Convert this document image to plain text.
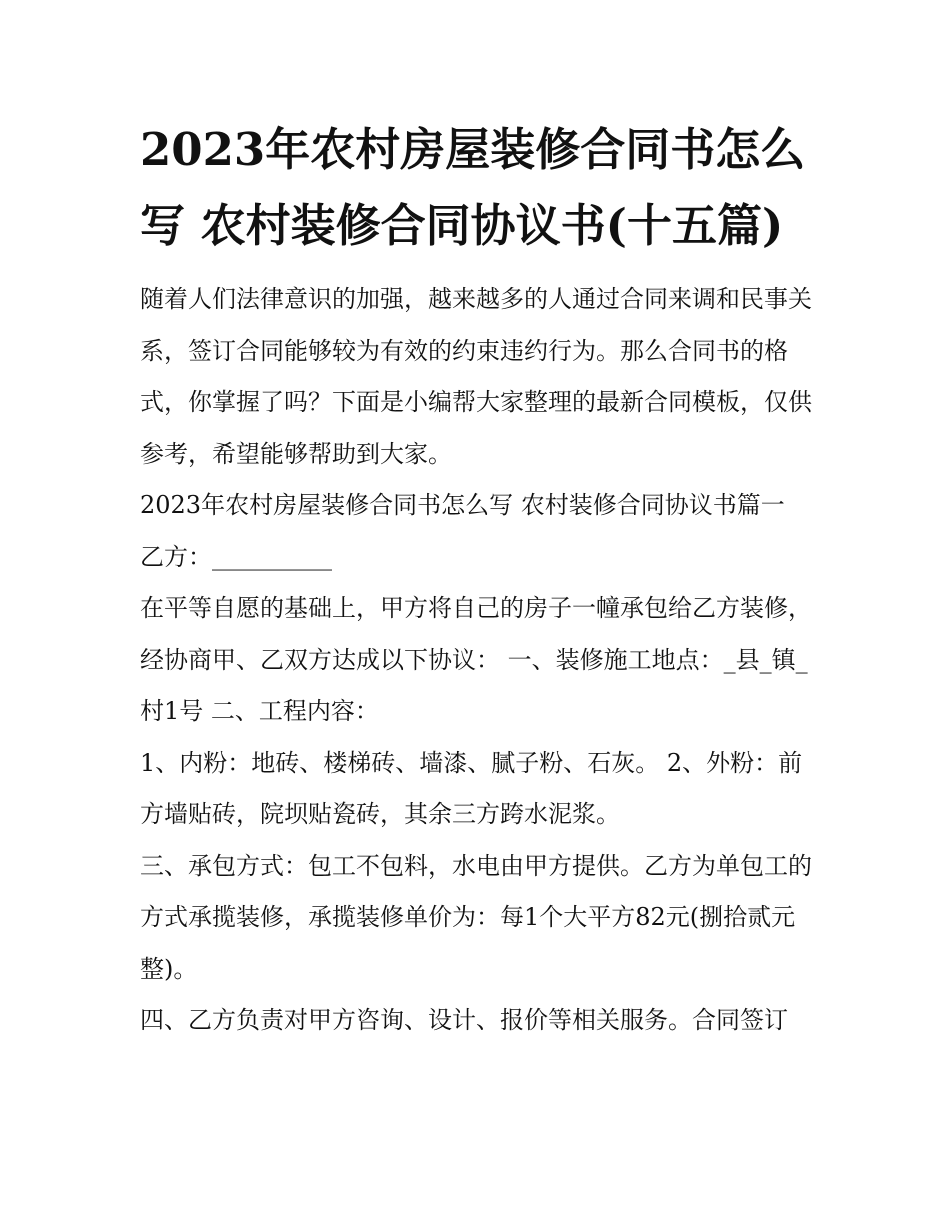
2023年农村房屋装修合同书怎么写 农村装修合同协议书(十五篇)

随着人们法律意识的加强，越来越多的人通过合同来调和民事关系，签订合同能够较为有效的约束违约行为。那么合同书的格式，你掌握了吗？下面是小编帮大家整理的最新合同模板，仅供参考，希望能够帮助到大家。

2023年农村房屋装修合同书怎么写 农村装修合同协议书篇一

乙方：__________

在平等自愿的基础上，甲方将自己的房子一幢承包给乙方装修，经协商甲、乙双方达成以下协议： 一、装修施工地点：_县_镇_村1号 二、工程内容：

1、内粉：地砖、楼梯砖、墙漆、腻子粉、石灰。 2、外粉：前方墙贴砖，院坝贴瓷砖，其余三方跨水泥浆。

三、承包方式：包工不包料，水电由甲方提供。乙方为单包工的方式承揽装修，承揽装修单价为：每1个大平方82元(捌拾贰元整)。

四、乙方负责对甲方咨询、设计、报价等相关服务。合同签订
